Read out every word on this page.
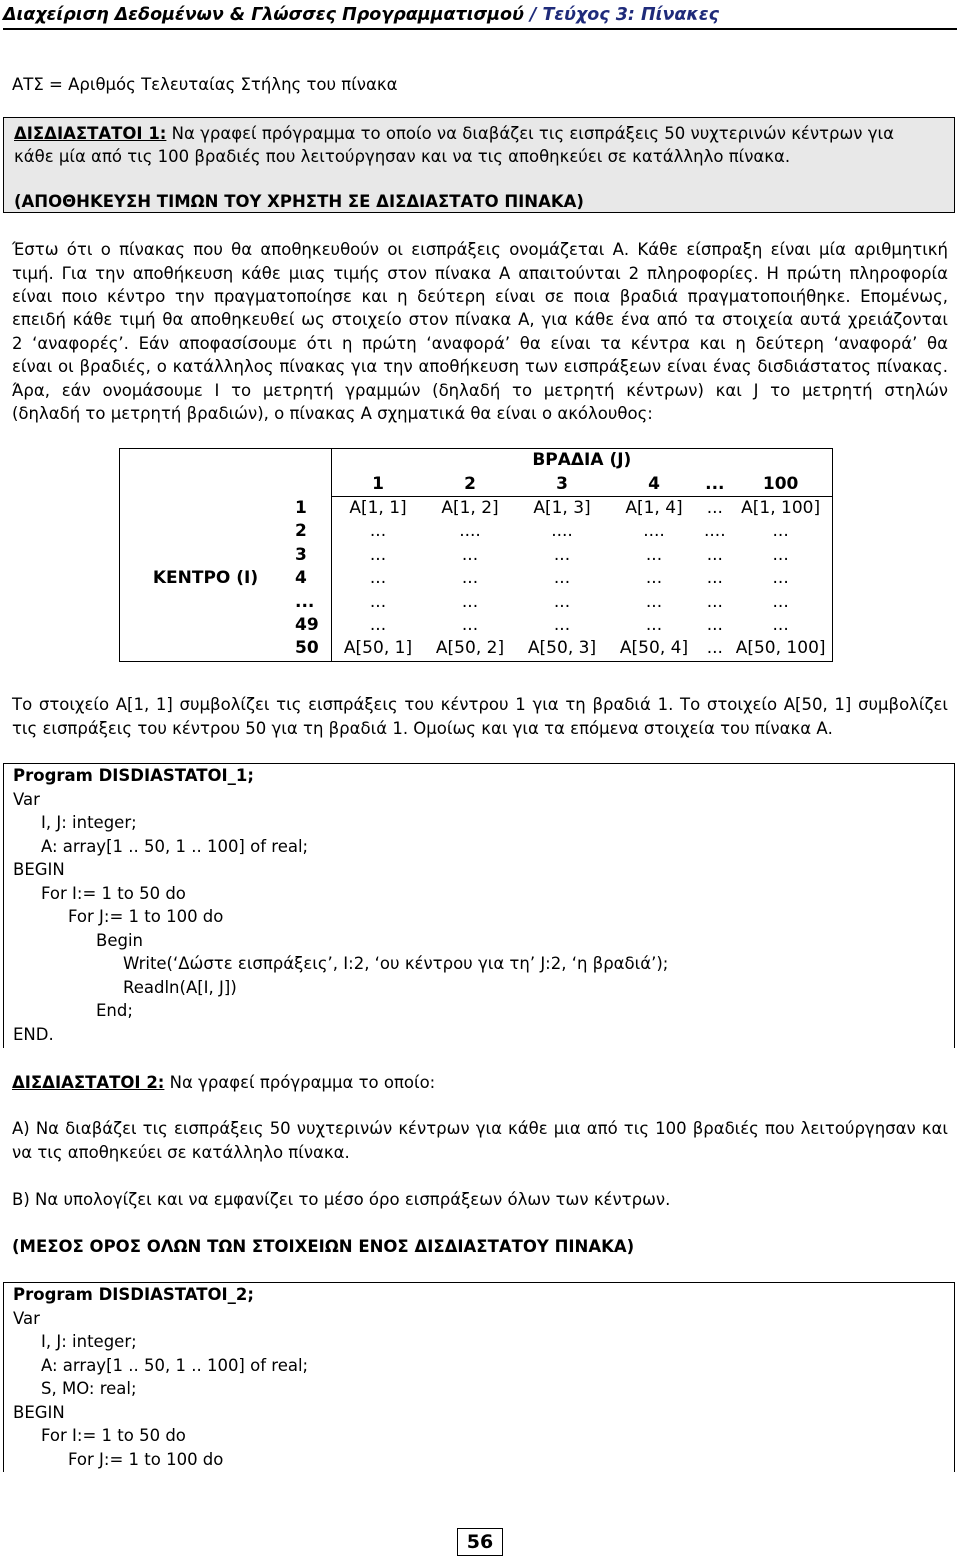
Διαχείριση Δεδομένων & Γλώσσες Προγραμματισμού / Τεύχος 3: Πίνακες
ΑΤΣ = Αριθμός Τελευταίας Στήλης του πίνακα
ΔΙΣΔΙΑΣΤΑΤΟΙ 1: Να γραφεί πρόγραμμα το οποίο να διαβάζει τις εισπράξεις 50 νυχτερινών κέντρων για
κάθε μία από τις 100 βραδιές που λειτούργησαν και να τις αποθηκεύει σε κατάλληλο πίνακα.
(ΑΠΟΘΗΚΕΥΣΗ ΤΙΜΩΝ ΤΟΥ ΧΡΗΣΤΗ ΣΕ ΔΙΣΔΙΑΣΤΑΤΟ ΠΙΝΑΚΑ)
Έστω ότι ο πίνακας που θα αποθηκευθούν οι εισπράξεις ονομάζεται Α. Κάθε είσπραξη είναι μία αριθμητική
τιμή. Για την αποθήκευση κάθε μιας τιμής στον πίνακα Α απαιτούνται 2 πληροφορίες. Η πρώτη πληροφορία
είναι ποιο κέντρο την πραγματοποίησε και η δεύτερη είναι σε ποια βραδιά πραγματοποιήθηκε. Επομένως,
επειδή κάθε τιμή θα αποθηκευθεί ως στοιχείο στον πίνακα Α, για κάθε ένα από τα στοιχεία αυτά χρειάζονται
2 ‘αναφορές’. Εάν αποφασίσουμε ότι η πρώτη ‘αναφορά’ θα είναι τα κέντρα και η δεύτερη ‘αναφορά’ θα
είναι οι βραδιές, ο κατάλληλος πίνακας για την αποθήκευση των εισπράξεων είναι ένας δισδιάστατος πίνακας.
Άρα, εάν ονομάσουμε Ι το μετρητή γραμμών (δηλαδή το μετρητή κέντρων) και J το μετρητή στηλών
(δηλαδή το μετρητή βραδιών), ο πίνακας Α σχηματικά θα είναι ο ακόλουθος:
		ΒΡΑΔΙΑ (J)					
		1	2	3	4	...	100
ΚΕΝΤΡΟ (Ι)	1	A[1, 1]	A[1, 2]	A[1, 3]	A[1, 4]	...	A[1, 100]
	2	...	....	....	....	....	...
	3	...	...	...	...	...	...
	4	...	...	...	...	...	...
	...	...	...	...	...	...	...
	49	...	...	...	...	...	...
	50	A[50, 1]	A[50, 2]	A[50, 3]	A[50, 4]	...	A[50, 100]
Το στοιχείο Α[1, 1] συμβολίζει τις εισπράξεις του κέντρου 1 για τη βραδιά 1. Το στοιχείο Α[50, 1] συμβολίζει
τις εισπράξεις του κέντρου 50 για τη βραδιά 1. Ομοίως και για τα επόμενα στοιχεία του πίνακα Α.
Program DISDIASTATOI_1;
Var
I, J: integer;
A: array[1 .. 50, 1 .. 100] of real;
BEGIN
For I:= 1 to 50 do
For J:= 1 to 100 do
Begin
Write(‘Δώστε εισπράξεις’, I:2, ‘ου κέντρου για τη’ J:2, ‘η βραδιά’);
Readln(A[I, J])
End;
END.
ΔΙΣΔΙΑΣΤΑΤΟΙ 2: Να γραφεί πρόγραμμα το οποίο:
Α) Να διαβάζει τις εισπράξεις 50 νυχτερινών κέντρων για κάθε μια από τις 100 βραδιές που λειτούργησαν και
να τις αποθηκεύει σε κατάλληλο πίνακα.
Β) Να υπολογίζει και να εμφανίζει το μέσο όρο εισπράξεων όλων των κέντρων.
(ΜΕΣΟΣ ΟΡΟΣ ΟΛΩΝ ΤΩΝ ΣΤΟΙΧΕΙΩΝ ΕΝΟΣ ΔΙΣΔΙΑΣΤΑΤΟΥ ΠΙΝΑΚΑ)
Program DISDIASTATOI_2;
Var
I, J: integer;
A: array[1 .. 50, 1 .. 100] of real;
S, MO: real;
BEGIN
For I:= 1 to 50 do
For J:= 1 to 100 do
56
